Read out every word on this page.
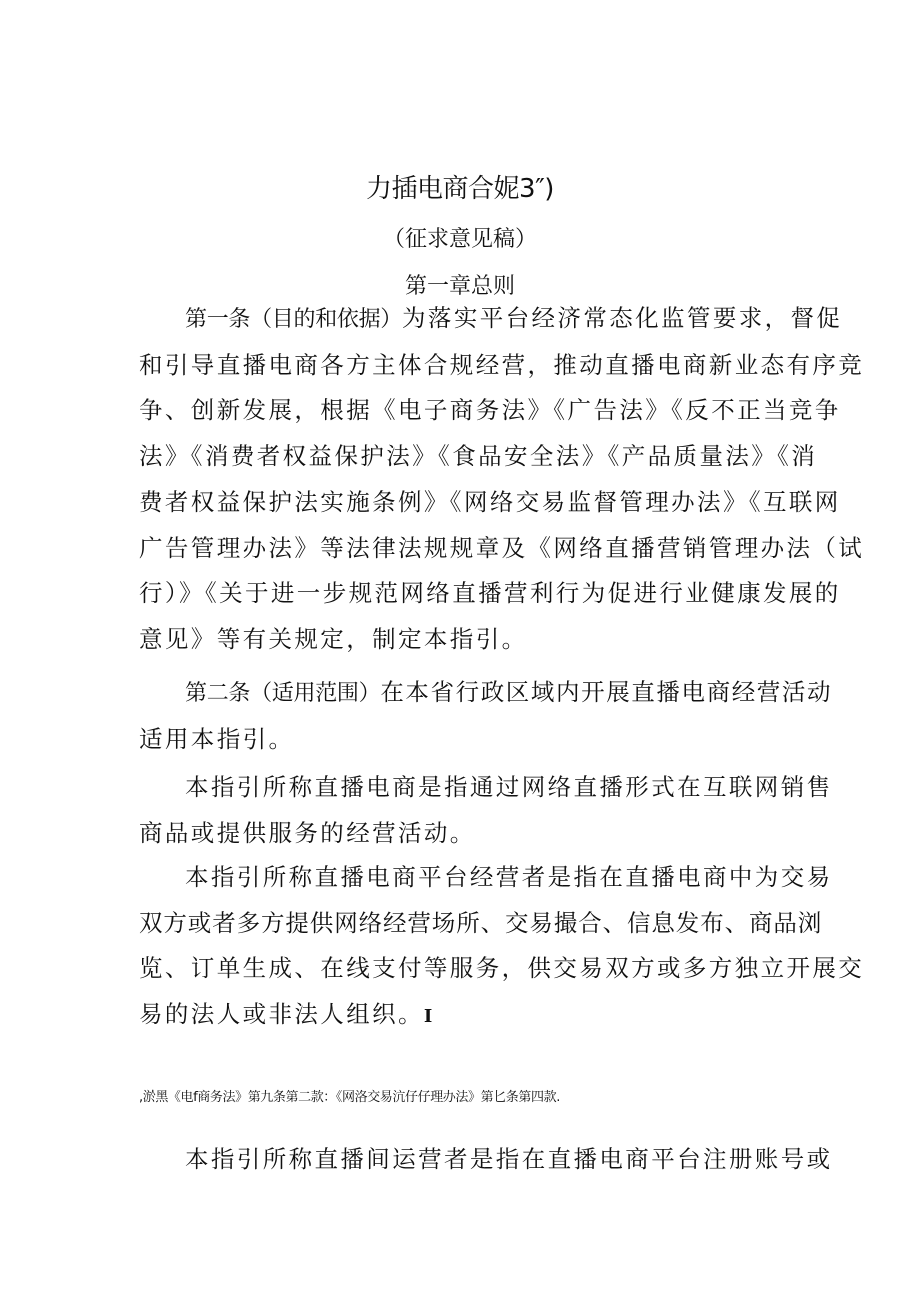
力插电商合妮3″)
（征求意见稿）
第一章总则
第一条（目的和依据）为落实平台经济常态化监管要求，督促
和引导直播电商各方主体合规经营，推动直播电商新业态有序竞
争、创新发展，根据《电子商务法》《广告法》《反不正当竞争
法》《消费者权益保护法》《食品安全法》《产品质量法》《消
费者权益保护法实施条例》《网络交易监督管理办法》《互联网
广告管理办法》等法律法规规章及《网络直播营销管理办法（试
行）》《关于进一步规范网络直播营利行为促进行业健康发展的
意见》等有关规定，制定本指引。
第二条（适用范围）在本省行政区域内开展直播电商经营活动
适用本指引。
本指引所称直播电商是指通过网络直播形式在互联网销售
商品或提供服务的经营活动。
本指引所称直播电商平台经营者是指在直播电商中为交易
双方或者多方提供网络经营场所、交易撮合、信息发布、商品浏
览、订单生成、在线支付等服务，供交易双方或多方独立开展交
易的法人或非法人组织。I
,淤黑《电f商务法》第九条第二款：《网洛交易沆仔仔理办法》第匕条第四款.
本指引所称直播间运营者是指在直播电商平台注册账号或
